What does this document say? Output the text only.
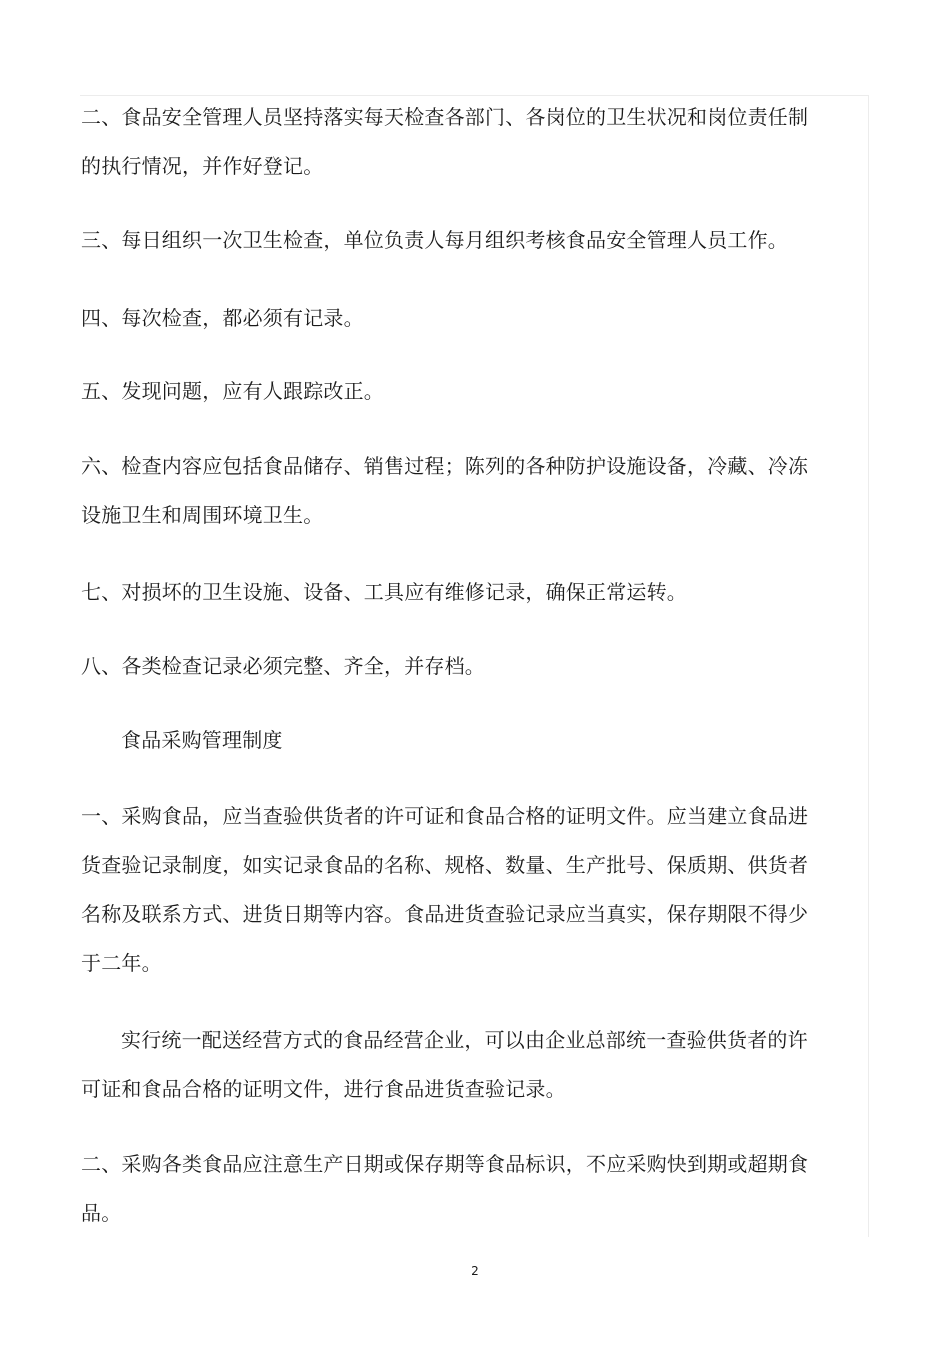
二、食品安全管理人员坚持落实每天检查各部门、各岗位的卫生状况和岗位责任制的执行情况，并作好登记。

三、每日组织一次卫生检查，单位负责人每月组织考核食品安全管理人员工作。

四、每次检查，都必须有记录。

五、发现问题，应有人跟踪改正。

六、检查内容应包括食品储存、销售过程；陈列的各种防护设施设备，冷藏、冷冻设施卫生和周围环境卫生。

七、对损坏的卫生设施、设备、工具应有维修记录，确保正常运转。

八、各类检查记录必须完整、齐全，并存档。

食品采购管理制度

一、采购食品，应当查验供货者的许可证和食品合格的证明文件。应当建立食品进货查验记录制度，如实记录食品的名称、规格、数量、生产批号、保质期、供货者名称及联系方式、进货日期等内容。食品进货查验记录应当真实，保存期限不得少于二年。

实行统一配送经营方式的食品经营企业，可以由企业总部统一查验供货者的许可证和食品合格的证明文件，进行食品进货查验记录。

二、采购各类食品应注意生产日期或保存期等食品标识，不应采购快到期或超期食品。

2
